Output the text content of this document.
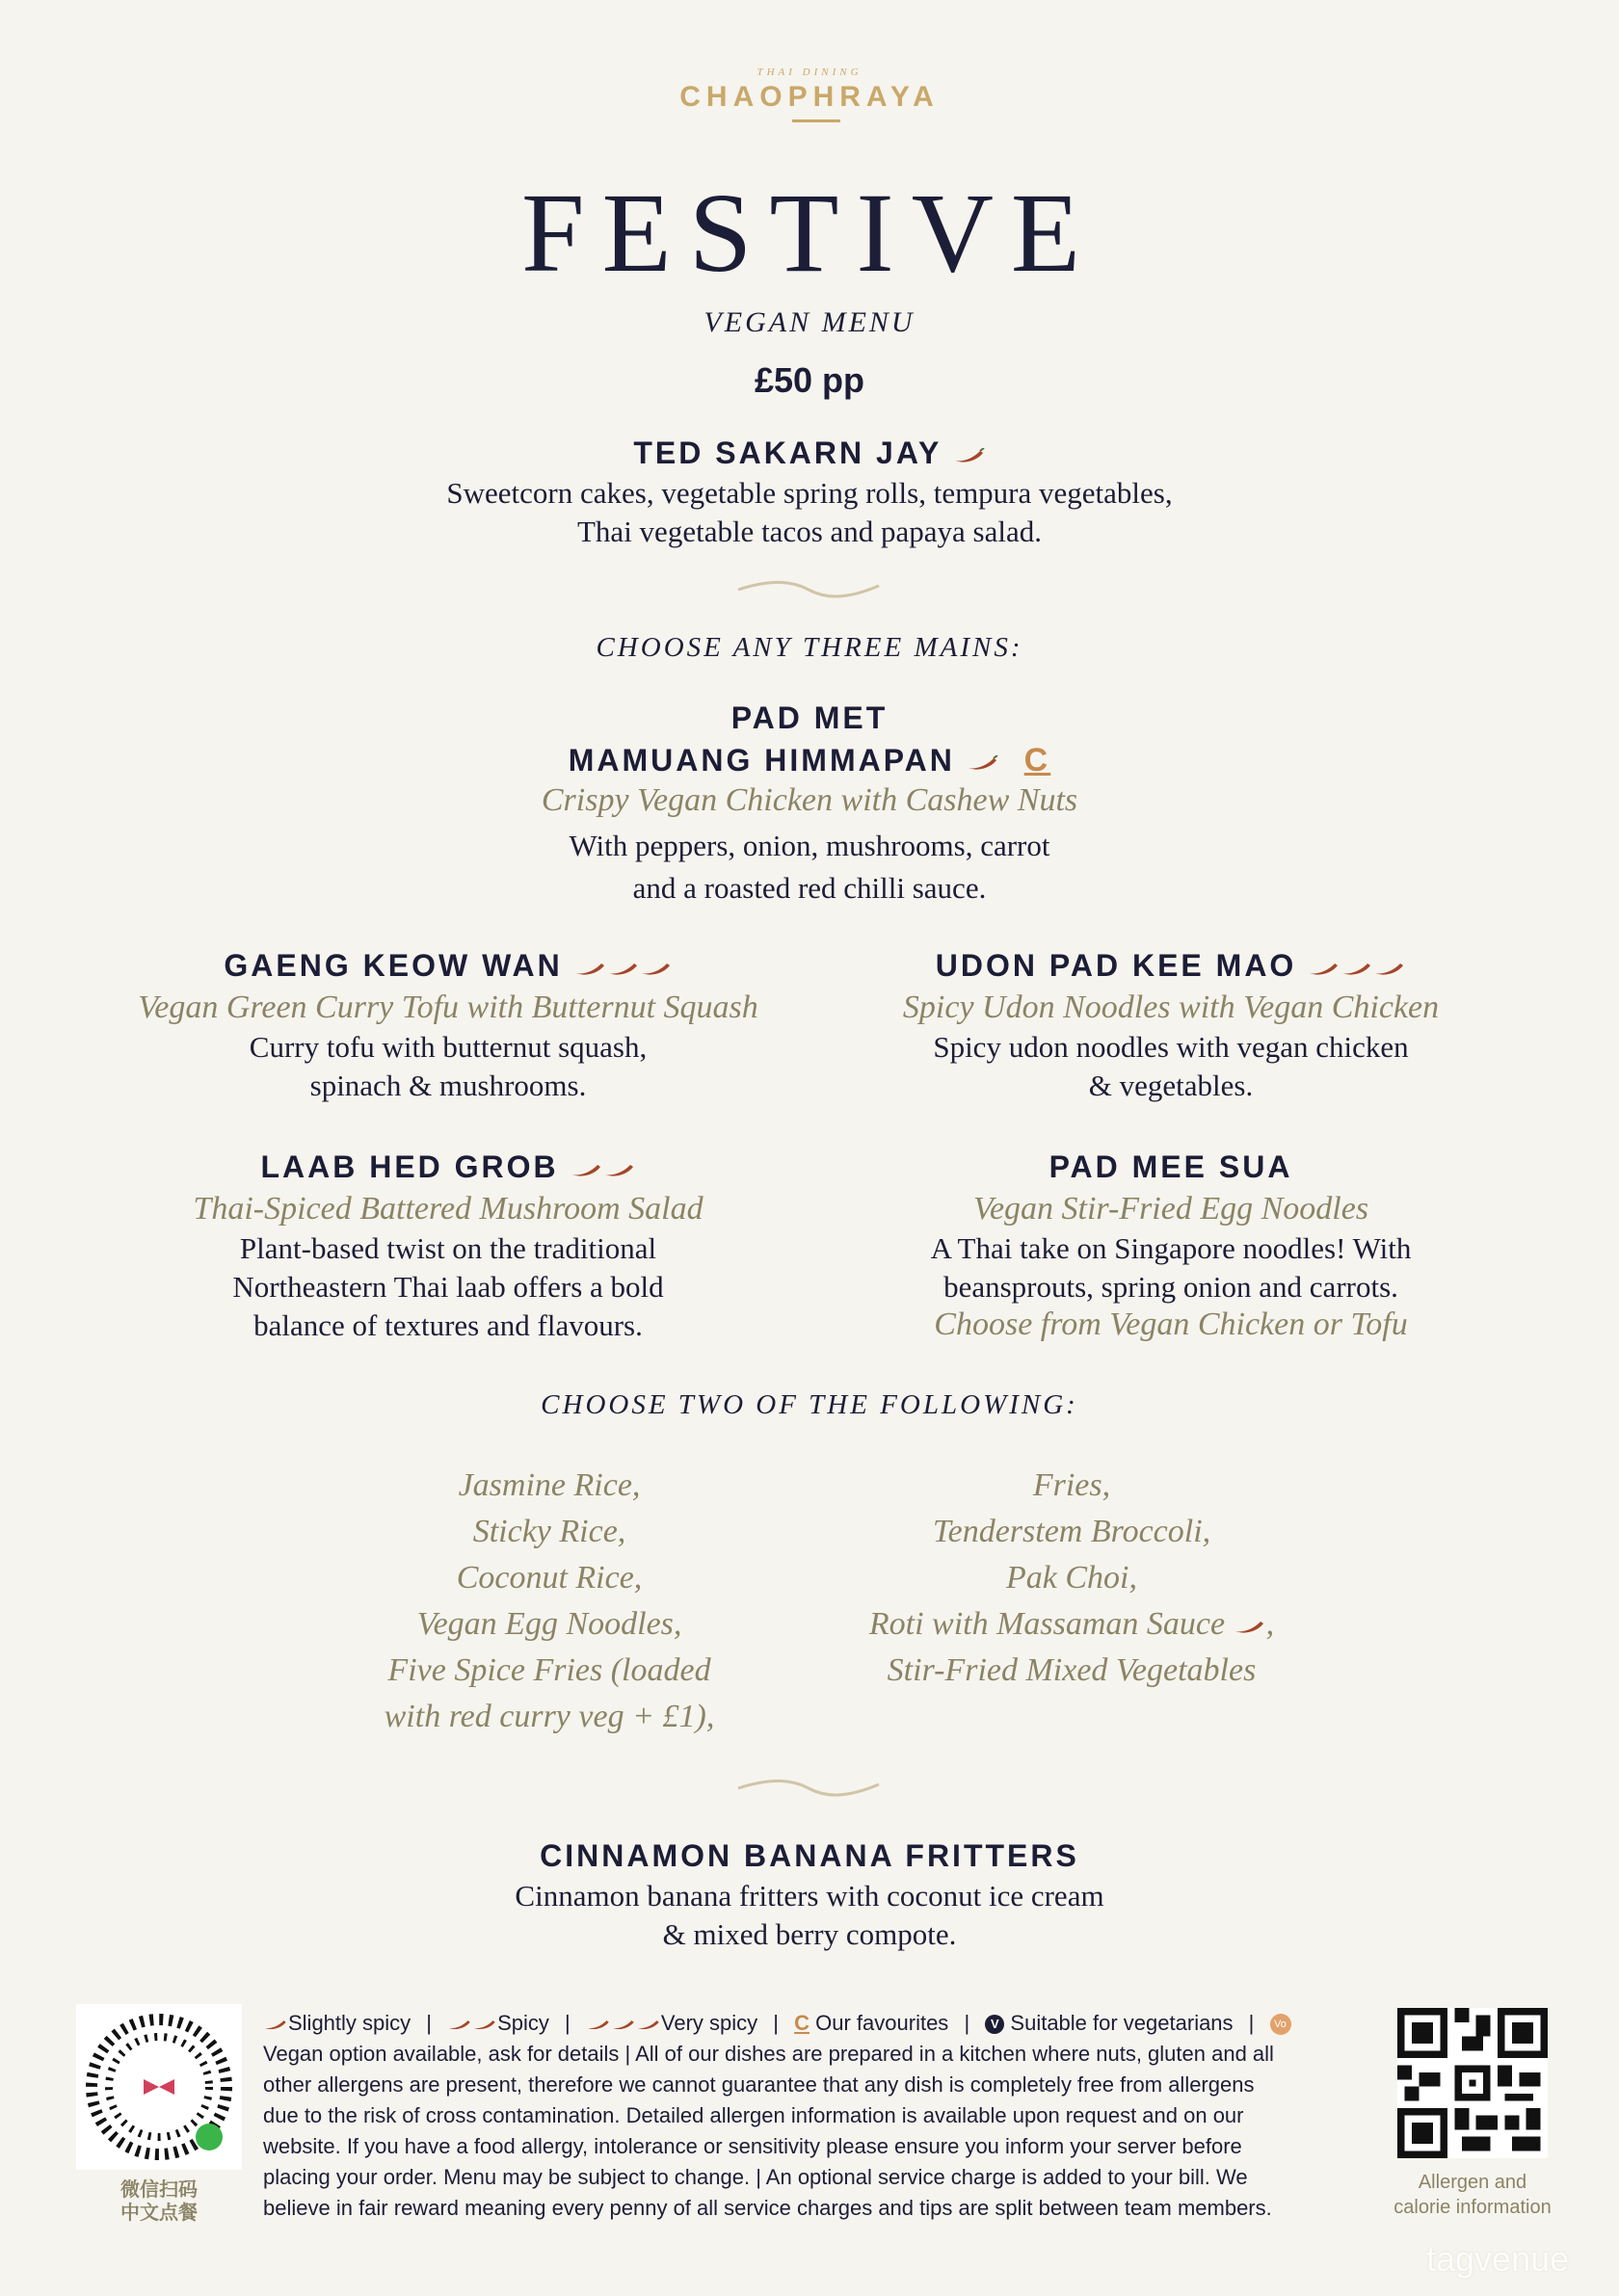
THAI DINING
CHAOPHRAYA
FESTIVE
VEGAN MENU
£50 pp
TED SAKARN JAY
Sweetcorn cakes, vegetable spring rolls, tempura vegetables,
Thai vegetable tacos and papaya salad.
CHOOSE ANY THREE MAINS:
PAD MET
MAMUANG HIMMAPAN C
Crispy Vegan Chicken with Cashew Nuts
With peppers, onion, mushrooms, carrot
and a roasted red chilli sauce.
GAENG KEOW WAN
Vegan Green Curry Tofu with Butternut Squash
Curry tofu with butternut squash,
spinach & mushrooms.
UDON PAD KEE MAO
Spicy Udon Noodles with Vegan Chicken
Spicy udon noodles with vegan chicken
& vegetables.
LAAB HED GROB
Thai-Spiced Battered Mushroom Salad
Plant-based twist on the traditional
Northeastern Thai laab offers a bold
balance of textures and flavours.
PAD MEE SUA
Vegan Stir-Fried Egg Noodles
A Thai take on Singapore noodles! With
beansprouts, spring onion and carrots.
Choose from Vegan Chicken or Tofu
CHOOSE TWO OF THE FOLLOWING:
Jasmine Rice,
Sticky Rice,
Coconut Rice,
Vegan Egg Noodles,
Five Spice Fries (loaded
with red curry veg + £1),
Fries,
Tenderstem Broccoli,
Pak Choi,
Roti with Massaman Sauce ,
Stir-Fried Mixed Vegetables
CINNAMON BANANA FRITTERS
Cinnamon banana fritters with coconut ice cream
& mixed berry compote.
微信扫码
中文点餐
Slightly spicy |	Spicy |	Very spicy | C Our favourites | V Suitable for vegetarians | Vo
Vegan option available, ask for details | All of our dishes are prepared in a kitchen where nuts, gluten and all
other allergens are present, therefore we cannot guarantee that any dish is completely free from allergens
due to the risk of cross contamination. Detailed allergen information is available upon request and on our
website. If you have a food allergy, intolerance or sensitivity please ensure you inform your server before
placing your order. Menu may be subject to change. | An optional service charge is added to your bill. We
believe in fair reward meaning every penny of all service charges and tips are split between team members.
Allergen and
calorie information
tagvenue
